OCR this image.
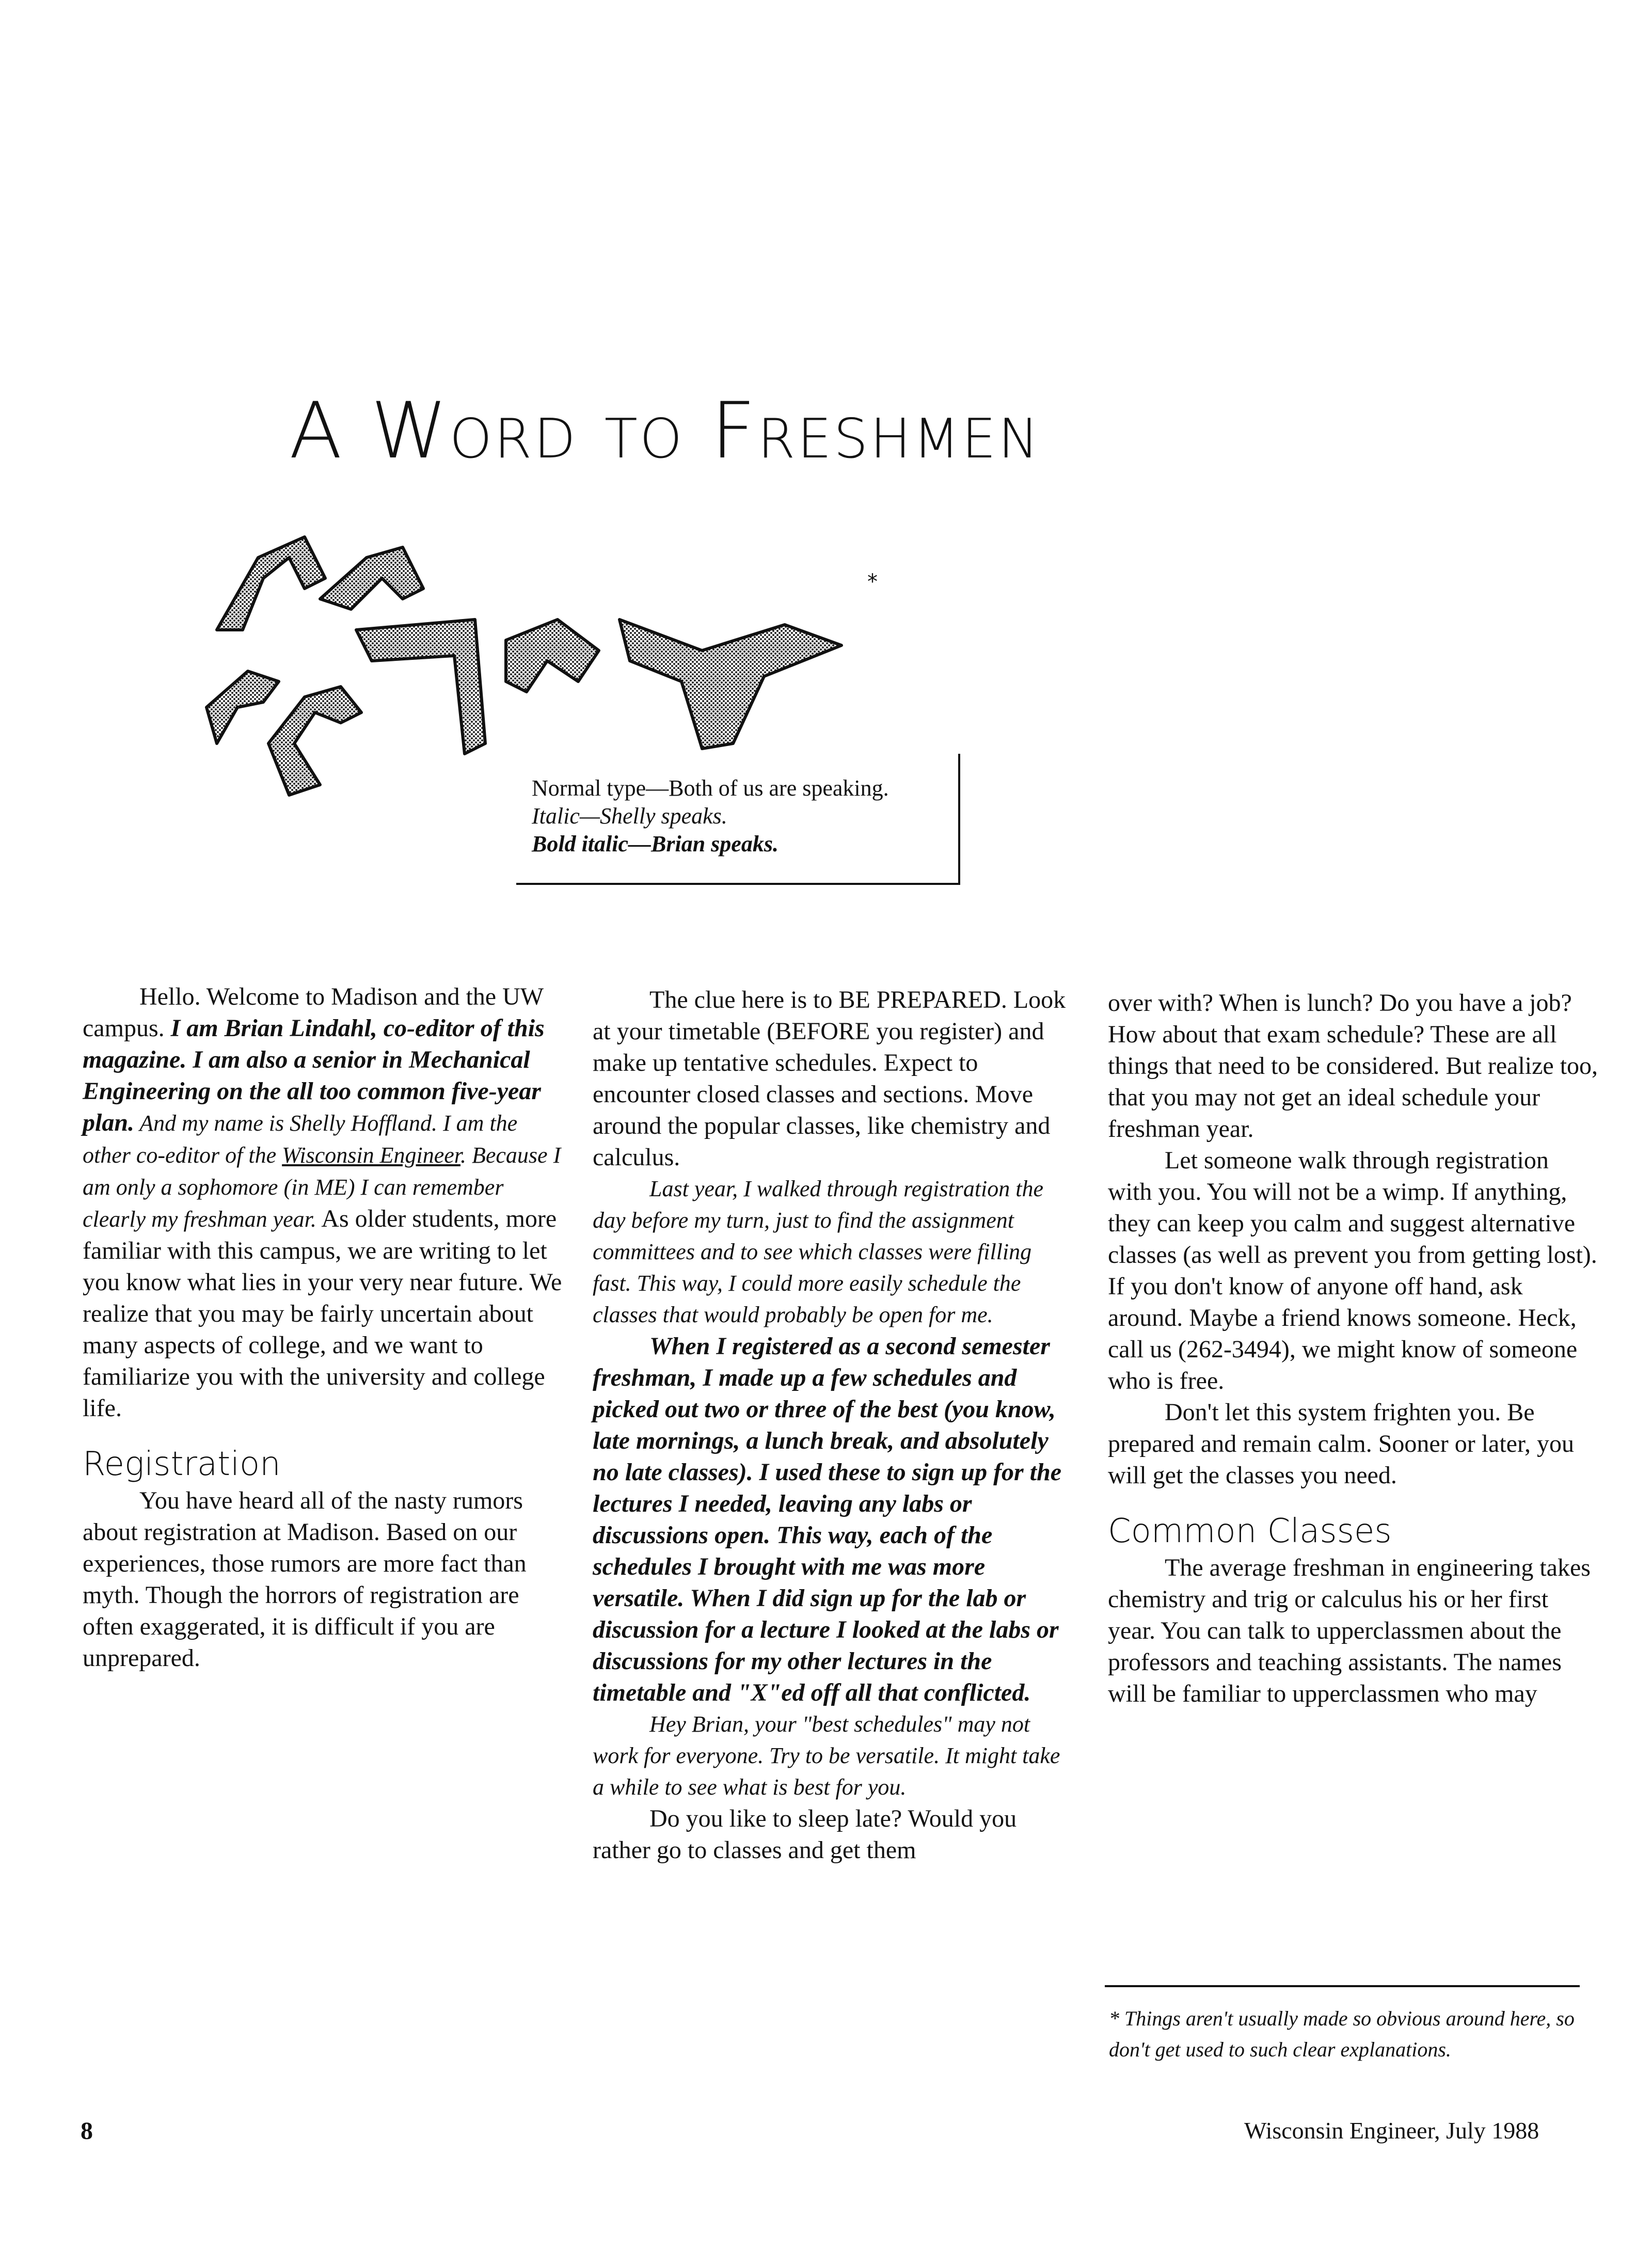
A Word to Freshmen
*
Normal type—Both of us are speaking.
Italic—Shelly speaks.
Bold italic—Brian speaks.

Hello. Welcome to Madison and the UW campus. I am Brian Lindahl, co-editor of this magazine. I am also a senior in Mechanical Engineering on the all too common five-year plan. And my name is Shelly Hoffland. I am the other co-editor of the Wisconsin Engineer. Because I am only a sophomore (in ME) I can remember clearly my freshman year. As older students, more familiar with this campus, we are writing to let you know what lies in your very near future. We realize that you may be fairly uncertain about many aspects of college, and we want to familiarize you with the university and college life.

Registration

You have heard all of the nasty rumors about registration at Madison. Based on our experiences, those rumors are more fact than myth. Though the horrors of registration are often exaggerated, it is difficult if you are unprepared.

The clue here is to BE PREPARED. Look at your timetable (BEFORE you register) and make up tentative schedules. Expect to encounter closed classes and sections. Move around the popular classes, like chemistry and calculus.

Last year, I walked through registration the day before my turn, just to find the assignment committees and to see which classes were filling fast. This way, I could more easily schedule the classes that would probably be open for me.

When I registered as a second semester freshman, I made up a few schedules and picked out two or three of the best (you know, late mornings, a lunch break, and absolutely no late classes). I used these to sign up for the lectures I needed, leaving any labs or discussions open. This way, each of the schedules I brought with me was more versatile. When I did sign up for the lab or discussion for a lecture I looked at the labs or discussions for my other lectures in the timetable and "X"ed off all that conflicted.

Hey Brian, your "best schedules" may not work for everyone. Try to be versatile. It might take a while to see what is best for you.

Do you like to sleep late? Would you rather go to classes and get them

over with? When is lunch? Do you have a job? How about that exam schedule? These are all things that need to be considered. But realize too, that you may not get an ideal schedule your freshman year.

Let someone walk through registration with you. You will not be a wimp. If anything, they can keep you calm and suggest alternative classes (as well as prevent you from getting lost). If you don't know of anyone off hand, ask around. Maybe a friend knows someone. Heck, call us (262-3494), we might know of someone who is free.

Don't let this system frighten you. Be prepared and remain calm. Sooner or later, you will get the classes you need.

Common Classes

The average freshman in engineering takes chemistry and trig or calculus his or her first year. You can talk to upperclassmen about the professors and teaching assistants. The names will be familiar to upperclassmen who may

* Things aren't usually made so obvious around here, so don't get used to such clear explanations.
8	Wisconsin Engineer, July 1988
